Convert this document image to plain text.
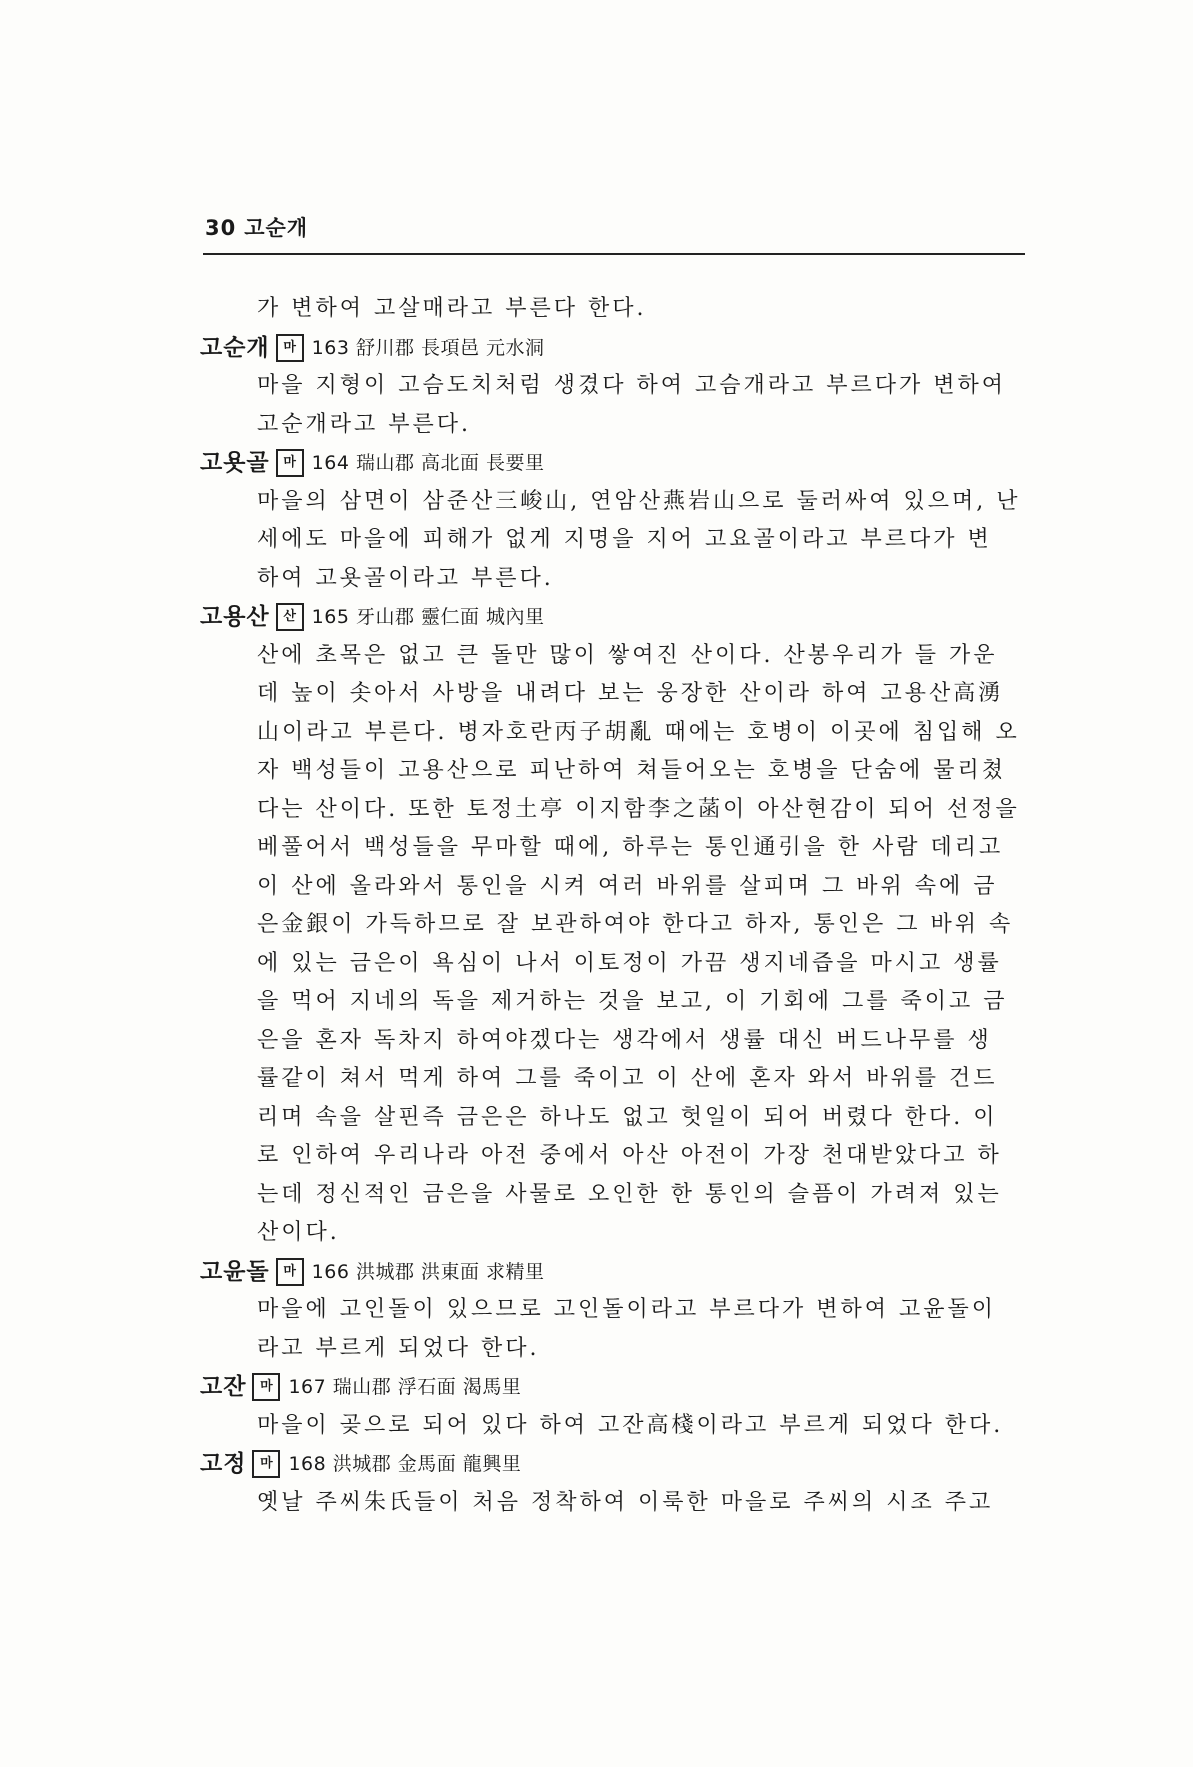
30 고순개
가 변하여 고살매라고 부른다 한다.
고순개	마 163 舒川郡 長項邑 元水洞
마을 지형이 고슴도치처럼 생겼다 하여 고슴개라고 부르다가 변하여
고순개라고 부른다.
고욧골	마 164 瑞山郡 高北面 長要里
마을의 삼면이 삼준산三峻山, 연암산燕岩山으로 둘러싸여 있으며, 난
세에도 마을에 피해가 없게 지명을 지어 고요골이라고 부르다가 변
하여 고욧골이라고 부른다.
고용산	산 165 牙山郡 靈仁面 城內里
산에 초목은 없고 큰 돌만 많이 쌓여진 산이다. 산봉우리가 들 가운
데 높이 솟아서 사방을 내려다 보는 웅장한 산이라 하여 고용산高湧
山이라고 부른다. 병자호란丙子胡亂 때에는 호병이 이곳에 침입해 오
자 백성들이 고용산으로 피난하여 쳐들어오는 호병을 단숨에 물리쳤
다는 산이다. 또한 토정土亭 이지함李之菡이 아산현감이 되어 선정을
베풀어서 백성들을 무마할 때에, 하루는 통인通引을 한 사람 데리고
이 산에 올라와서 통인을 시켜 여러 바위를 살피며 그 바위 속에 금
은金銀이 가득하므로 잘 보관하여야 한다고 하자, 통인은 그 바위 속
에 있는 금은이 욕심이 나서 이토정이 가끔 생지네즙을 마시고 생률
을 먹어 지네의 독을 제거하는 것을 보고, 이 기회에 그를 죽이고 금
은을 혼자 독차지 하여야겠다는 생각에서 생률 대신 버드나무를 생
률같이 쳐서 먹게 하여 그를 죽이고 이 산에 혼자 와서 바위를 건드
리며 속을 살핀즉 금은은 하나도 없고 헛일이 되어 버렸다 한다. 이
로 인하여 우리나라 아전 중에서 아산 아전이 가장 천대받았다고 하
는데 정신적인 금은을 사물로 오인한 한 통인의 슬픔이 가려져 있는
산이다.
고윤돌	마 166 洪城郡 洪東面 求精里
마을에 고인돌이 있으므로 고인돌이라고 부르다가 변하여 고윤돌이
라고 부르게 되었다 한다.
고잔	마 167 瑞山郡 浮石面 渴馬里
마을이 곶으로 되어 있다 하여 고잔高棧이라고 부르게 되었다 한다.
고정	마 168 洪城郡 金馬面 龍興里
옛날 주씨朱氏들이 처음 정착하여 이룩한 마을로 주씨의 시조 주고
